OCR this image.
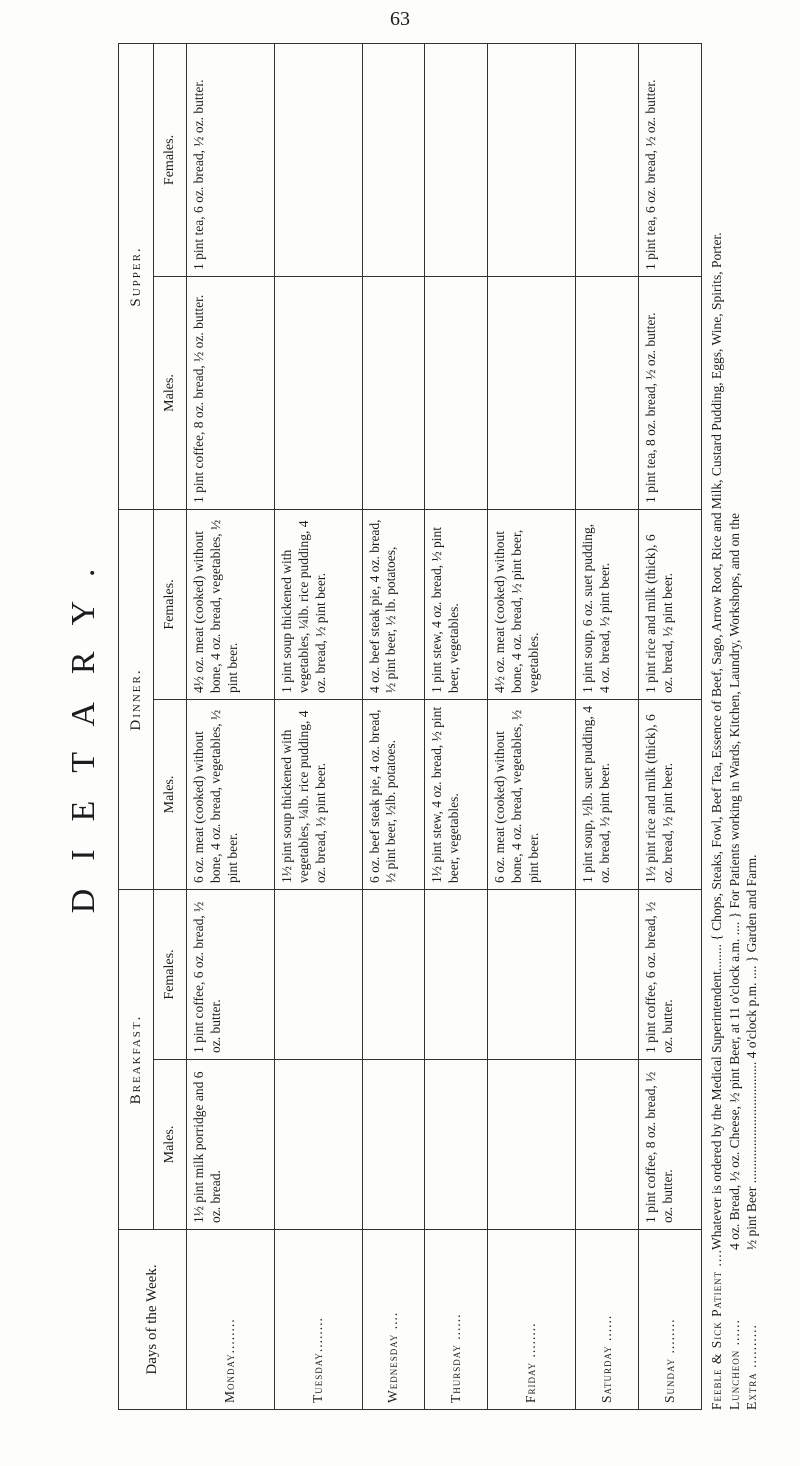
63
DIETARY.
Days of the Week.	Breakfast.		Dinner.		Supper.	
	Males.	Females.	Males.	Females.	Males.	Females.
Monday........	1½ pint milk porridge and 6 oz. bread.	1 pint coffee, 6 oz. bread, ½ oz. butter.	6 oz. meat (cooked) without bone, 4 oz. bread, vegetables, ½ pint beer.	4½ oz. meat (cooked) without bone, 4 oz. bread, vegetables, ½ pint beer.	1 pint coffee, 8 oz. bread, ½ oz. butter.	1 pint tea, 6 oz. bread, ½ oz. butter.
Tuesday........			1½ pint soup thickened with vegetables, ¼lb. rice pudding, 4 oz. bread, ½ pint beer.	1 pint soup thickened with vegetables, ¼lb. rice pudding, 4 oz. bread, ½ pint beer.		
Wednesday ....			6 oz. beef steak pie, 4 oz. bread, ½ pint beer, ½lb. potatoes.	4 oz. beef steak pie, 4 oz. bread, ½ pint beer, ½ lb. potatoes,		
Thursday ......			1½ pint stew, 4 oz. bread, ½ pint beer, vegetables.	1 pint stew, 4 oz. bread, ½ pint beer, vegetables.		
Friday ........			6 oz. meat (cooked) without bone, 4 oz. bread, vegetables, ½ pint beer.	4½ oz. meat (cooked) without bone, 4 oz. bread, ½ pint beer, vegetables.		
Saturday ......			1 pint soup, ½lb. suet pudding, 4 oz. bread, ½ pint beer.	1 pint soup, 6 oz. suet pudding, 4 oz. bread, ½ pint beer.		
Sunday ........	1 pint coffee, 8 oz. bread, ½ oz. butter.	1 pint coffee, 6 oz. bread, ½ oz. butter.	1½ pint rice and milk (thick), 6 oz. bread, ½ pint beer.	1 pint rice and milk (thick), 6 oz. bread, ½ pint beer.	1 pint tea, 8 oz. bread, ½ oz. butter.	1 pint tea, 6 oz. bread, ½ oz. butter.
Feeble & Sick Patient ....
Whatever is ordered by the Medical Superintendent........ { Chops, Steaks, Fowl, Beef Tea, Essence of Beef, Sago, Arrow Root, Rice and Milk, Custard Pudding, Eggs, Wine, Spirits, Porter.
Luncheon ......
4 oz. Bread, ½ oz. Cheese, ½ pint Beer, at 11 o'clock a.m. .... } For Patients working in Wards, Kitchen, Laundry, Workshops, and on the
Extra ..........
½ pint Beer .................................... 4 o'clock p.m. .... } Garden and Farm.
